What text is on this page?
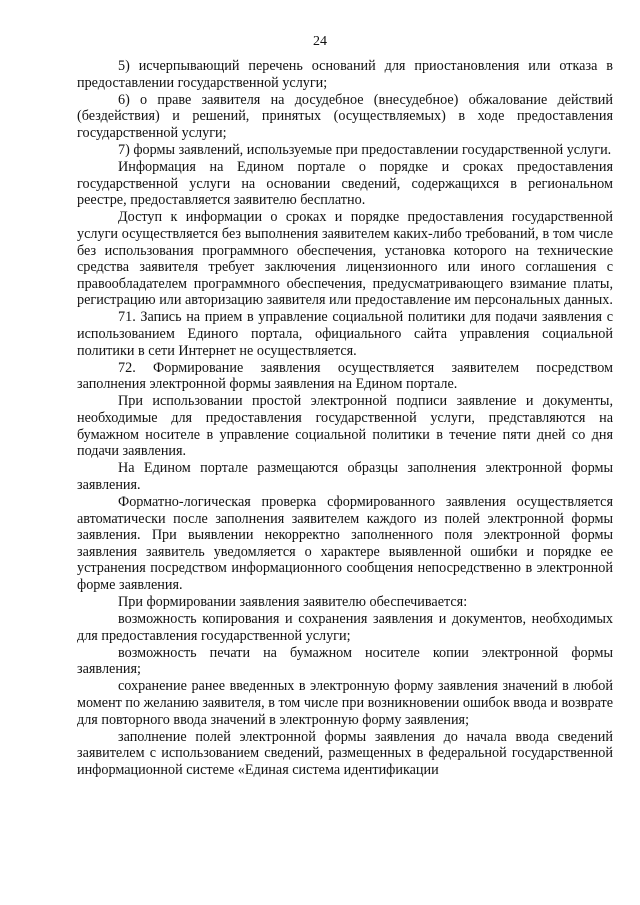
24

5) исчерпывающий перечень оснований для приостановления или отказа в предоставлении государственной услуги;

6) о праве заявителя на досудебное (внесудебное) обжалование действий (бездействия) и решений, принятых (осуществляемых) в ходе предоставления государственной услуги;

7) формы заявлений, используемые при предоставлении государственной услуги.

Информация на Едином портале о порядке и сроках предоставления государственной услуги на основании сведений, содержащихся в региональном реестре, предоставляется заявителю бесплатно.

Доступ к информации о сроках и порядке предоставления государственной услуги осуществляется без выполнения заявителем каких-либо требований, в том числе без использования программного обеспечения, установка которого на технические средства заявителя требует заключения лицензионного или иного соглашения с правообладателем программного обеспечения, предусматривающего взимание платы, регистрацию или авторизацию заявителя или предоставление им персональных данных.

71. Запись на прием в управление социальной политики для подачи заявления с использованием Единого портала, официального сайта управления социальной политики в сети Интернет не осуществляется.

72. Формирование заявления осуществляется заявителем посредством заполнения электронной формы заявления на Едином портале.

При использовании простой электронной подписи заявление и документы, необходимые для предоставления государственной услуги, представляются на бумажном носителе в управление социальной политики в течение пяти дней со дня подачи заявления.

На Едином портале размещаются образцы заполнения электронной формы заявления.

Форматно-логическая проверка сформированного заявления осуществляется автоматически после заполнения заявителем каждого из полей электронной формы заявления. При выявлении некорректно заполненного поля электронной формы заявления заявитель уведомляется о характере выявленной ошибки и порядке ее устранения посредством информационного сообщения непосредственно в электронной форме заявления.

При формировании заявления заявителю обеспечивается:

возможность копирования и сохранения заявления и документов, необходимых для предоставления государственной услуги;

возможность печати на бумажном носителе копии электронной формы заявления;

сохранение ранее введенных в электронную форму заявления значений в любой момент по желанию заявителя, в том числе при возникновении ошибок ввода и возврате для повторного ввода значений в электронную форму заявления;

заполнение полей электронной формы заявления до начала ввода сведений заявителем с использованием сведений, размещенных в федеральной государственной информационной системе «Единая система идентификации
